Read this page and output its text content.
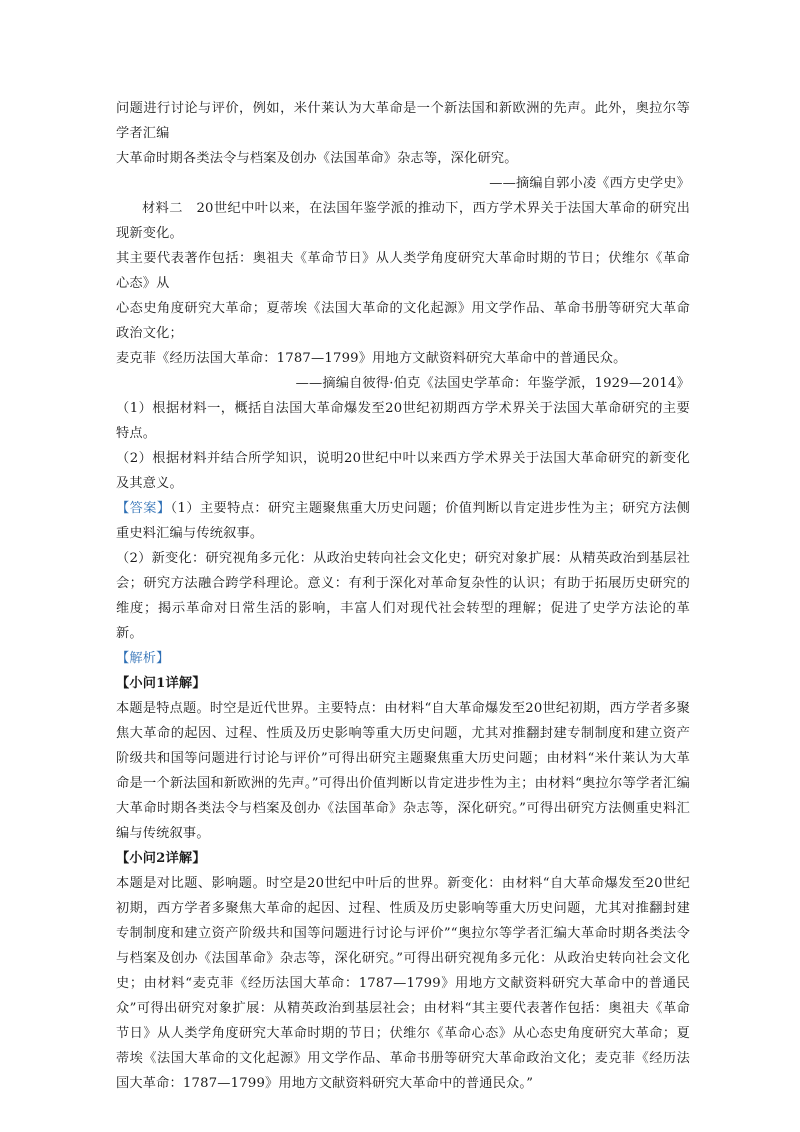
问题进行讨论与评价，例如，米什莱认为大革命是一个新法国和新欧洲的先声。此外，奥拉尔等学者汇编

大革命时期各类法令与档案及创办《法国革命》杂志等，深化研究。

——摘编自郭小凌《西方史学史》

材料二　20世纪中叶以来，在法国年鉴学派的推动下，西方学术界关于法国大革命的研究出现新变化。

其主要代表著作包括：奥祖夫《革命节日》从人类学角度研究大革命时期的节日；伏维尔《革命心态》从

心态史角度研究大革命；夏蒂埃《法国大革命的文化起源》用文学作品、革命书册等研究大革命政治文化；

麦克菲《经历法国大革命：1787—1799》用地方文献资料研究大革命中的普通民众。

——摘编自彼得·伯克《法国史学革命：年鉴学派，1929—2014》

（1）根据材料一，概括自法国大革命爆发至20世纪初期西方学术界关于法国大革命研究的主要特点。

（2）根据材料并结合所学知识，说明20世纪中叶以来西方学术界关于法国大革命研究的新变化及其意义。

【答案】（1）主要特点：研究主题聚焦重大历史问题；价值判断以肯定进步性为主；研究方法侧重史料汇编与传统叙事。

（2）新变化：研究视角多元化：从政治史转向社会文化史；研究对象扩展：从精英政治到基层社会；研究方法融合跨学科理论。意义：有利于深化对革命复杂性的认识；有助于拓展历史研究的维度；揭示革命对日常生活的影响，丰富人们对现代社会转型的理解；促进了史学方法论的革新。

【解析】

【小问1详解】

本题是特点题。时空是近代世界。主要特点：由材料“自大革命爆发至20世纪初期，西方学者多聚焦大革命的起因、过程、性质及历史影响等重大历史问题，尤其对推翻封建专制制度和建立资产阶级共和国等问题进行讨论与评价”可得出研究主题聚焦重大历史问题；由材料“米什莱认为大革命是一个新法国和新欧洲的先声。”可得出价值判断以肯定进步性为主；由材料“奥拉尔等学者汇编大革命时期各类法令与档案及创办《法国革命》杂志等，深化研究。”可得出研究方法侧重史料汇编与传统叙事。

【小问2详解】

本题是对比题、影响题。时空是20世纪中叶后的世界。新变化：由材料“自大革命爆发至20世纪初期，西方学者多聚焦大革命的起因、过程、性质及历史影响等重大历史问题，尤其对推翻封建专制制度和建立资产阶级共和国等问题进行讨论与评价”“奥拉尔等学者汇编大革命时期各类法令与档案及创办《法国革命》杂志等，深化研究。”可得出研究视角多元化：从政治史转向社会文化史；由材料“麦克菲《经历法国大革命：1787—1799》用地方文献资料研究大革命中的普通民众”可得出研究对象扩展：从精英政治到基层社会；由材料“其主要代表著作包括：奥祖夫《革命节日》从人类学角度研究大革命时期的节日；伏维尔《革命心态》从心态史角度研究大革命；夏蒂埃《法国大革命的文化起源》用文学作品、革命书册等研究大革命政治文化；麦克菲《经历法国大革命：1787—1799》用地方文献资料研究大革命中的普通民众。”
